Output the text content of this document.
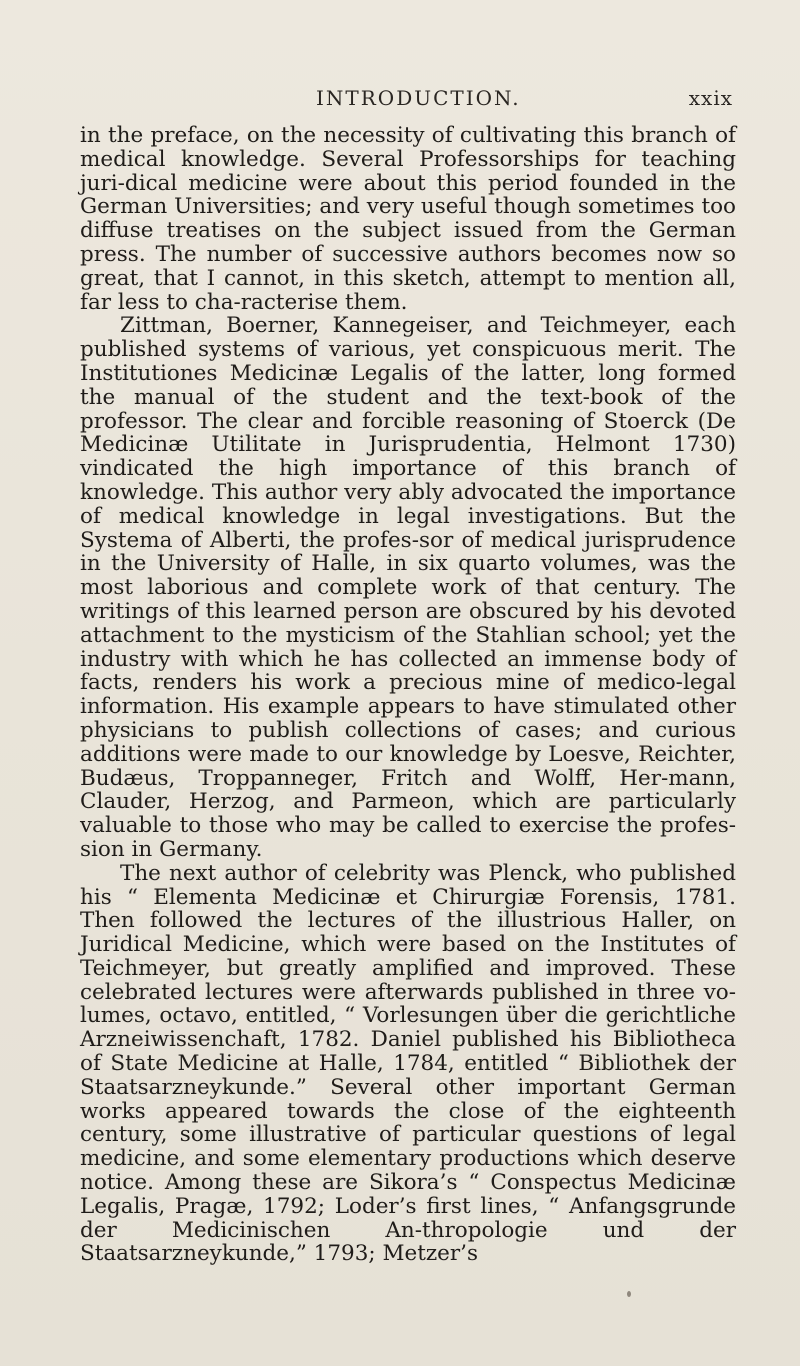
INTRODUCTION.	xxix

in the preface, on the necessity of cultivating this branch of medical knowledge. Several Professorships for teaching juri-dical medicine were about this period founded in the German Universities; and very useful though sometimes too diffuse treatises on the subject issued from the German press. The number of successive authors becomes now so great, that I cannot, in this sketch, attempt to mention all, far less to cha-racterise them.

Zittman, Boerner, Kannegeiser, and Teichmeyer, each published systems of various, yet conspicuous merit. The Institutiones Medicinæ Legalis of the latter, long formed the manual of the student and the text-book of the professor. The clear and forcible reasoning of Stoerck (De Medicinæ Utilitate in Jurisprudentia, Helmont 1730) vindicated the high importance of this branch of knowledge. This author very ably advocated the importance of medical knowledge in legal investigations. But the Systema of Alberti, the profes-sor of medical jurisprudence in the University of Halle, in six quarto volumes, was the most laborious and complete work of that century. The writings of this learned person are obscured by his devoted attachment to the mysticism of the Stahlian school; yet the industry with which he has collected an immense body of facts, renders his work a precious mine of medico-legal information. His example appears to have stimulated other physicians to publish collections of cases; and curious additions were made to our knowledge by Loesve, Reichter, Budæus, Troppanneger, Fritch and Wolff, Her-mann, Clauder, Herzog, and Parmeon, which are particularly valuable to those who may be called to exercise the profes-sion in Germany.

The next author of celebrity was Plenck, who published his “ Elementa Medicinæ et Chirurgiæ Forensis, 1781. Then followed the lectures of the illustrious Haller, on Juridical Medicine, which were based on the Institutes of Teichmeyer, but greatly amplified and improved. These celebrated lectures were afterwards published in three vo-lumes, octavo, entitled, “ Vorlesungen über die gerichtliche Arzneiwissenchaft, 1782. Daniel published his Bibliotheca of State Medicine at Halle, 1784, entitled “ Bibliothek der Staatsarzneykunde.” Several other important German works appeared towards the close of the eighteenth century, some illustrative of particular questions of legal medicine, and some elementary productions which deserve notice. Among these are Sikora’s “ Conspectus Medicinæ Legalis, Pragæ, 1792; Loder’s first lines, “ Anfangsgrunde der Medicinischen An-thropologie und der Staatsarzneykunde,” 1793; Metzer’s
